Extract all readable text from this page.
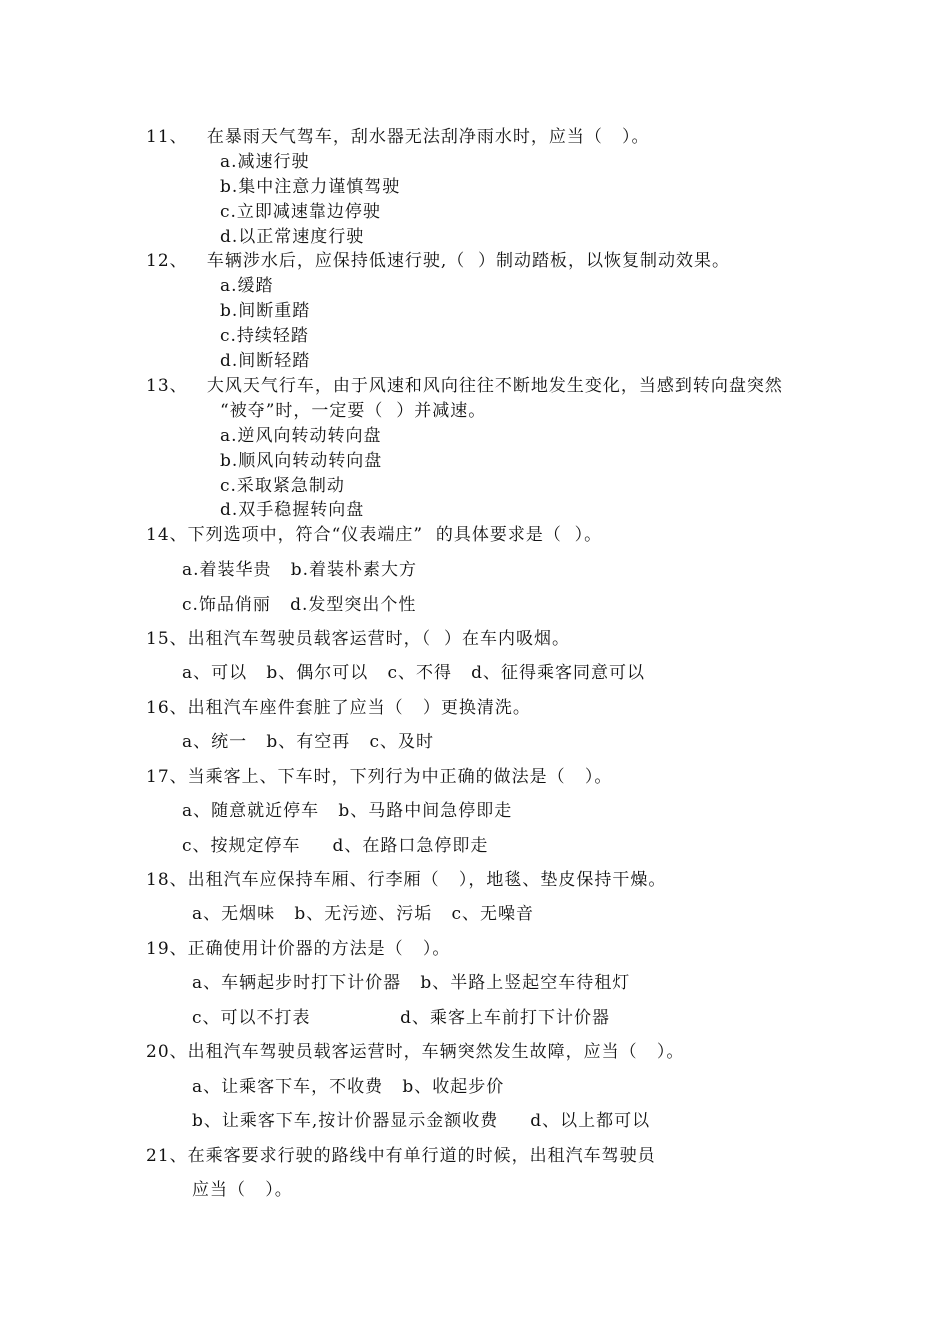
11、   在暴雨天气驾车，刮水器无法刮净雨水时，应当（   ）。
a.减速行驶
b.集中注意力谨慎驾驶
c.立即减速靠边停驶
d.以正常速度行驶
12、   车辆涉水后，应保持低速行驶,（  ）制动踏板，以恢复制动效果。
a.缓踏
b.间断重踏
c.持续轻踏
d.间断轻踏
13、   大风天气行车，由于风速和风向往往不断地发生变化，当感到转向盘突然
“被夺”时，一定要（  ）并减速。
a.逆风向转动转向盘
b.顺风向转动转向盘
c.采取紧急制动
d.双手稳握转向盘
14、下列选项中，符合“仪表端庄”  的具体要求是（  ）。
a.着装华贵   b.着装朴素大方
c.饰品俏丽   d.发型突出个性
15、出租汽车驾驶员载客运营时，（  ）在车内吸烟。
a、可以   b、偶尔可以   c、不得   d、征得乘客同意可以
16、出租汽车座件套脏了应当（   ）更换清洗。
a、统一   b、有空再   c、及时
17、当乘客上、下车时，下列行为中正确的做法是（   ）。
a、随意就近停车   b、马路中间急停即走
c、按规定停车     d、在路口急停即走
18、出租汽车应保持车厢、行李厢（   ），地毯、垫皮保持干燥。
a、无烟味   b、无污迹、污垢   c、无噪音
19、正确使用计价器的方法是（   ）。
a、车辆起步时打下计价器   b、半路上竖起空车待租灯
c、可以不打表              d、乘客上车前打下计价器
20、出租汽车驾驶员载客运营时，车辆突然发生故障，应当（   ）。
a、让乘客下车，不收费   b、收起步价
b、让乘客下车,按计价器显示金额收费     d、以上都可以
21、在乘客要求行驶的路线中有单行道的时候，出租汽车驾驶员
应当（   ）。
